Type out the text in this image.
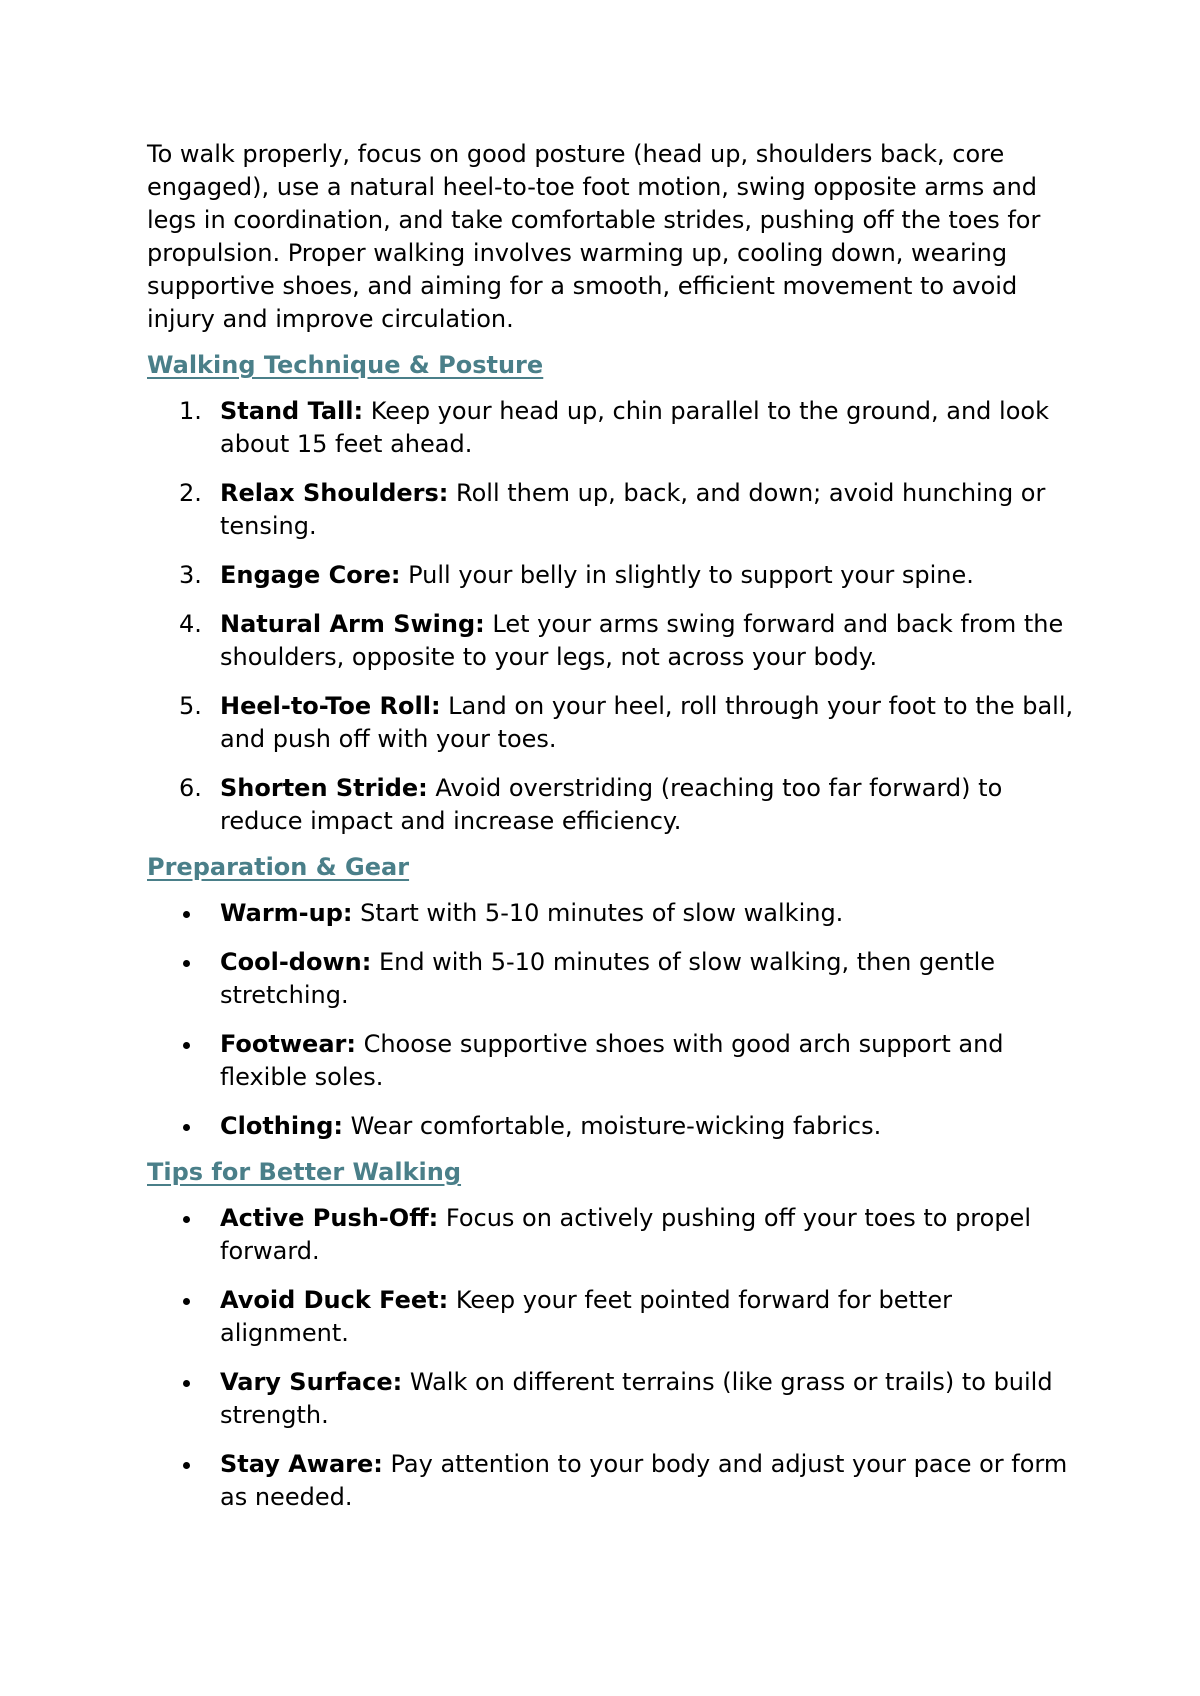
To walk properly, focus on good posture (head up, shoulders back, core engaged), use a natural heel-to-toe foot motion, swing opposite arms and legs in coordination, and take comfortable strides, pushing off the toes for propulsion. Proper walking involves warming up, cooling down, wearing supportive shoes, and aiming for a smooth, efficient movement to avoid injury and improve circulation.

Walking Technique & Posture
1. Stand Tall: Keep your head up, chin parallel to the ground, and look about 15 feet ahead.
2. Relax Shoulders: Roll them up, back, and down; avoid hunching or tensing.
3. Engage Core: Pull your belly in slightly to support your spine.
4. Natural Arm Swing: Let your arms swing forward and back from the shoulders, opposite to your legs, not across your body.
5. Heel-to-Toe Roll: Land on your heel, roll through your foot to the ball, and push off with your toes.
6. Shorten Stride: Avoid overstriding (reaching too far forward) to reduce impact and increase efficiency.
Preparation & Gear
Warm-up: Start with 5-10 minutes of slow walking.
Cool-down: End with 5-10 minutes of slow walking, then gentle stretching.
Footwear: Choose supportive shoes with good arch support and flexible soles.
Clothing: Wear comfortable, moisture-wicking fabrics.
Tips for Better Walking
Active Push-Off: Focus on actively pushing off your toes to propel forward.
Avoid Duck Feet: Keep your feet pointed forward for better alignment.
Vary Surface: Walk on different terrains (like grass or trails) to build strength.
Stay Aware: Pay attention to your body and adjust your pace or form as needed.
